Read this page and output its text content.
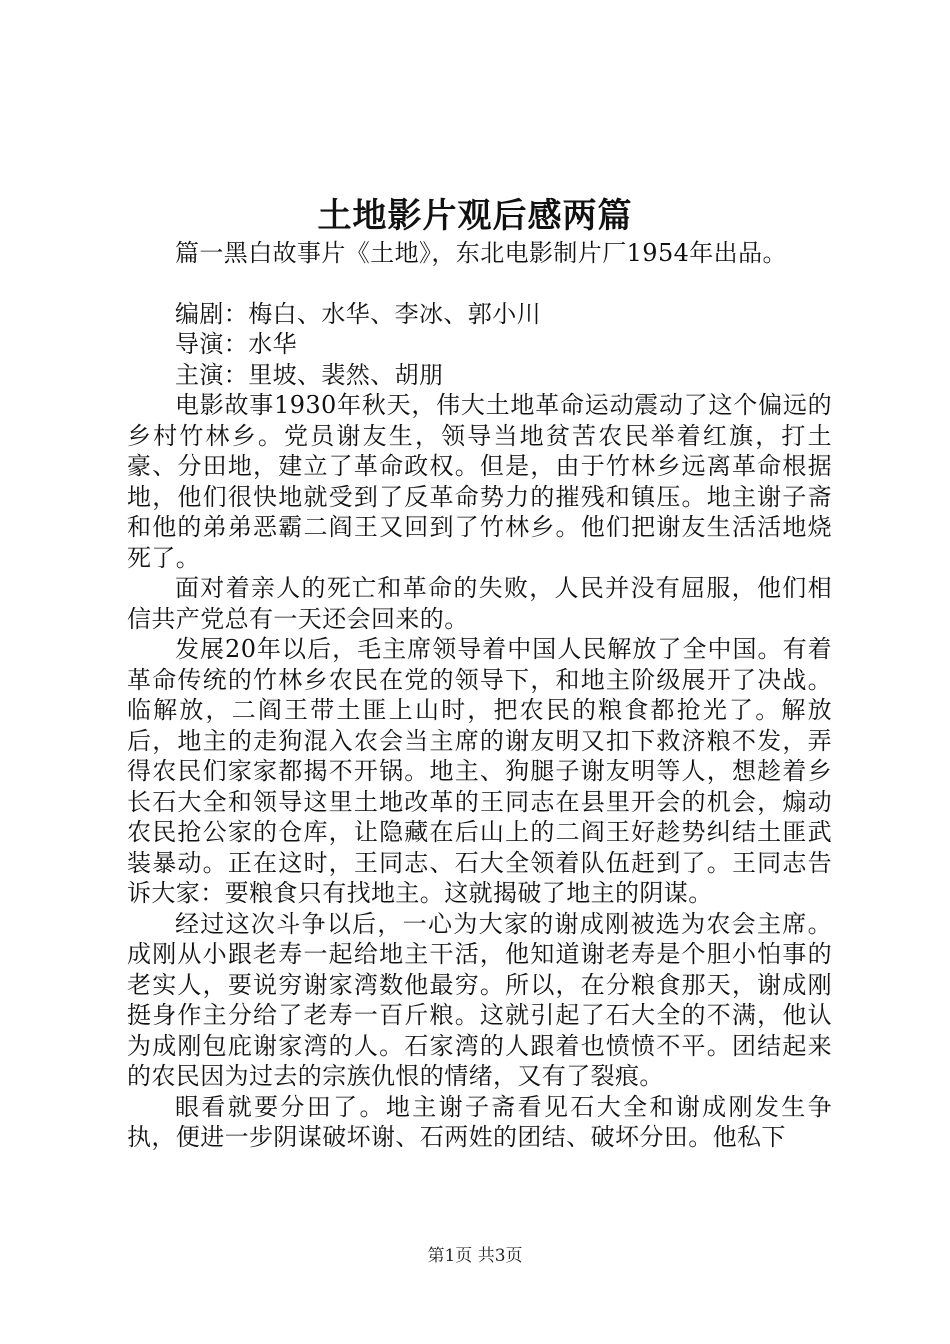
土地影片观后感两篇

篇一黑白故事片《土地》，东北电影制片厂1954年出品。

编剧：梅白、水华、李冰、郭小川

导演：水华

主演：里坡、裴然、胡朋

电影故事1930年秋天，伟大土地革命运动震动了这个偏远的乡村竹林乡。党员谢友生，领导当地贫苦农民举着红旗，打土豪、分田地，建立了革命政权。但是，由于竹林乡远离革命根据地，他们很快地就受到了反革命势力的摧残和镇压。地主谢子斋和他的弟弟恶霸二阎王又回到了竹林乡。他们把谢友生活活地烧死了。

面对着亲人的死亡和革命的失败，人民并没有屈服，他们相信共产党总有一天还会回来的。

发展20年以后，毛主席领导着中国人民解放了全中国。有着革命传统的竹林乡农民在党的领导下，和地主阶级展开了决战。临解放，二阎王带土匪上山时，把农民的粮食都抢光了。解放后，地主的走狗混入农会当主席的谢友明又扣下救济粮不发，弄得农民们家家都揭不开锅。地主、狗腿子谢友明等人，想趁着乡长石大全和领导这里土地改革的王同志在县里开会的机会，煽动农民抢公家的仓库，让隐藏在后山上的二阎王好趁势纠结土匪武装暴动。正在这时，王同志、石大全领着队伍赶到了。王同志告诉大家：要粮食只有找地主。这就揭破了地主的阴谋。

经过这次斗争以后，一心为大家的谢成刚被选为农会主席。成刚从小跟老寿一起给地主干活，他知道谢老寿是个胆小怕事的老实人，要说穷谢家湾数他最穷。所以，在分粮食那天，谢成刚挺身作主分给了老寿一百斤粮。这就引起了石大全的不满，他认为成刚包庇谢家湾的人。石家湾的人跟着也愤愤不平。团结起来的农民因为过去的宗族仇恨的情绪，又有了裂痕。

眼看就要分田了。地主谢子斋看见石大全和谢成刚发生争执，便进一步阴谋破坏谢、石两姓的团结、破坏分田。他私下

第1页 共3页
